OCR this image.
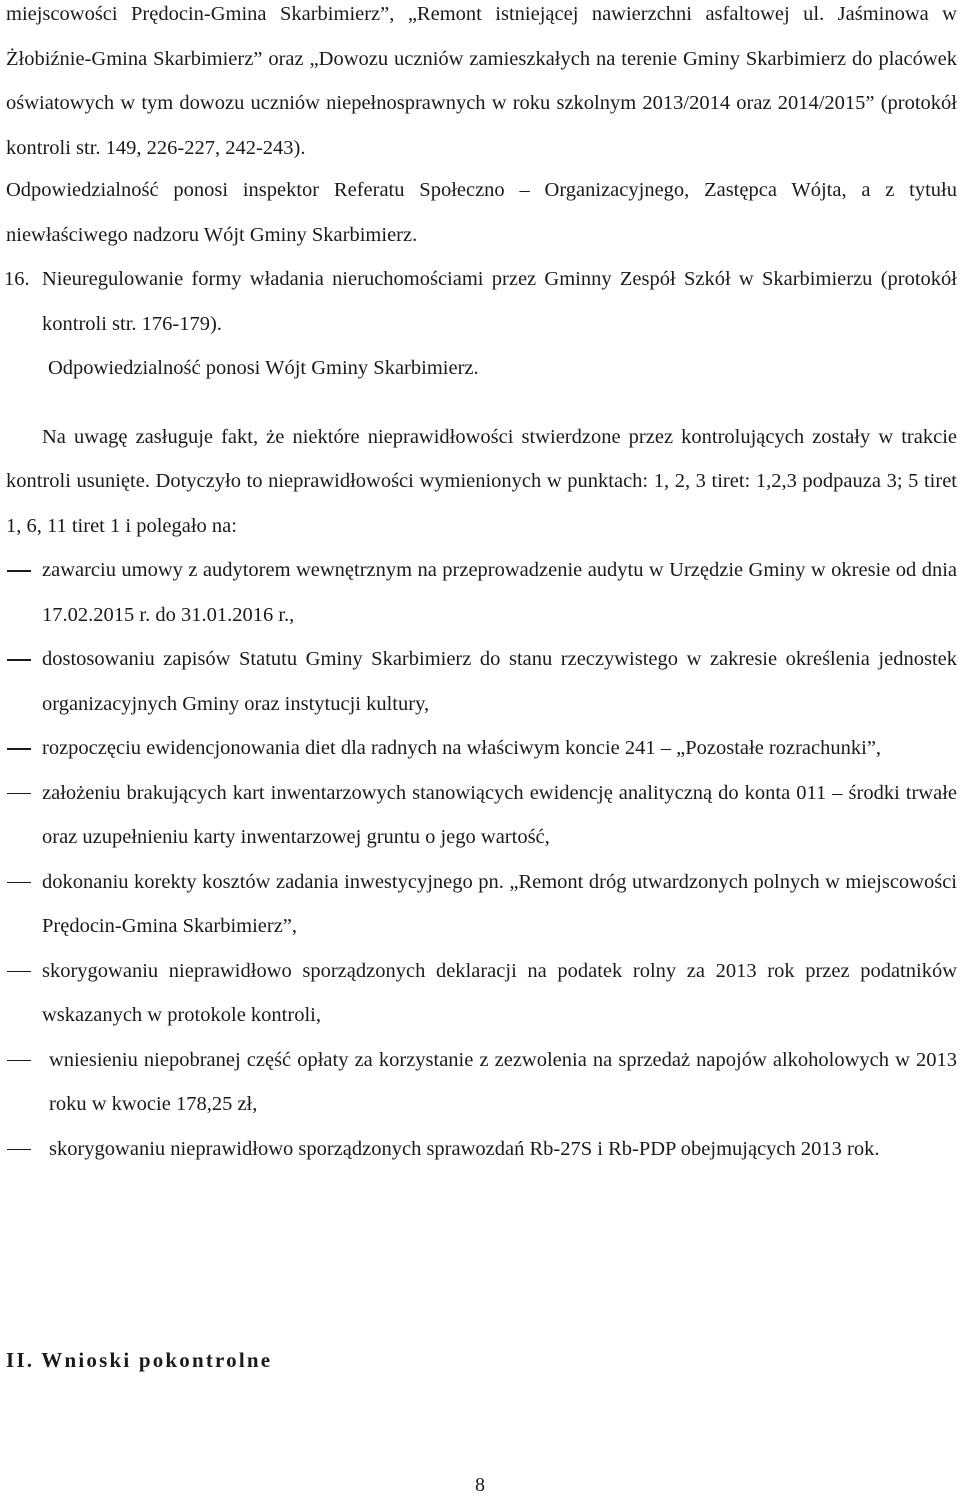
miejscowości Prędocin-Gmina Skarbimierz”, „Remont istniejącej nawierzchni asfaltowej ul. Jaśminowa w Żłobiźnie-Gmina Skarbimierz” oraz „Dowozu uczniów zamieszkałych na terenie Gminy Skarbimierz do placówek oświatowych w tym dowozu uczniów niepełnosprawnych w roku szkolnym 2013/2014 oraz 2014/2015” (protokół kontroli str. 149, 226-227, 242-243).

Odpowiedzialność ponosi inspektor Referatu Społeczno – Organizacyjnego, Zastępca Wójta, a z tytułu niewłaściwego nadzoru Wójt Gminy Skarbimierz.

16. Nieuregulowanie formy władania nieruchomościami przez Gminny Zespół Szkół w Skarbimierzu (protokół kontroli str. 176-179).

Odpowiedzialność ponosi Wójt Gminy Skarbimierz.

Na uwagę zasługuje fakt, że niektóre nieprawidłowości stwierdzone przez kontrolujących zostały w trakcie kontroli usunięte. Dotyczyło to nieprawidłowości wymienionych w punktach: 1, 2, 3 tiret: 1,2,3 podpauza 3; 5 tiret 1, 6, 11 tiret 1 i polegało na:

zawarciu umowy z audytorem wewnętrznym na przeprowadzenie audytu w Urzędzie Gminy w okresie od dnia 17.02.2015 r. do 31.01.2016 r.,
dostosowaniu zapisów Statutu Gminy Skarbimierz do stanu rzeczywistego w zakresie określenia jednostek organizacyjnych Gminy oraz instytucji kultury,
rozpoczęciu ewidencjonowania diet dla radnych na właściwym koncie 241 – „Pozostałe rozrachunki”,
założeniu brakujących kart inwentarzowych stanowiących ewidencję analityczną do konta 011 – środki trwałe oraz uzupełnieniu karty inwentarzowej gruntu o jego wartość,
dokonaniu korekty kosztów zadania inwestycyjnego pn. „Remont dróg utwardzonych polnych w miejscowości Prędocin-Gmina Skarbimierz”,
skorygowaniu nieprawidłowo sporządzonych deklaracji na podatek rolny za 2013 rok przez podatników wskazanych w protokole kontroli,
wniesieniu niepobranej część opłaty za korzystanie z zezwolenia na sprzedaż napojów alkoholowych w 2013 roku w kwocie 178,25 zł,
skorygowaniu nieprawidłowo sporządzonych sprawozdań Rb-27S i Rb-PDP obejmujących 2013 rok.
II. Wnioski pokontrolne
8
